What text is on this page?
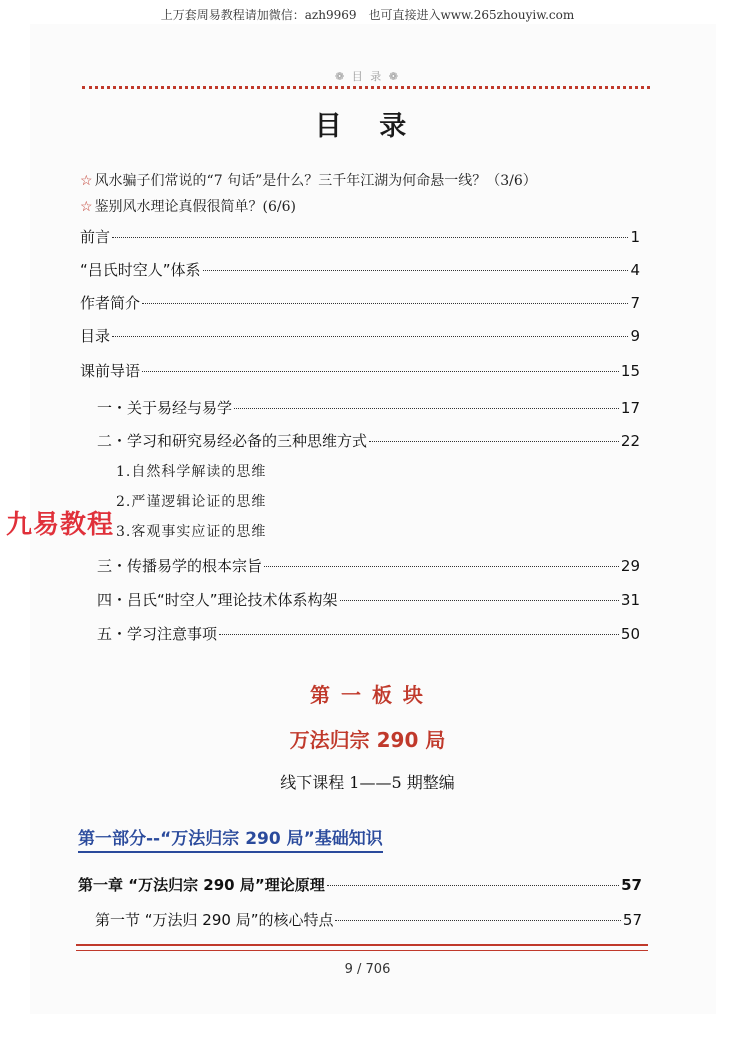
上万套周易教程请加微信：azh9969　也可直接进入www.265zhouyiw.com
❁ 目 录 ❁
目 录
☆ 风水骗子们常说的“7 句话”是什么？三千年江湖为何命悬一线？（3/6）
☆ 鉴别风水理论真假很简单？(6/6)
前言	1
“吕氏时空人”体系	4
作者简介	7
目录	9
课前导语	15
一・关于易经与易学	17
二・学习和研究易经必备的三种思维方式	22
1.自然科学解读的思维
2.严谨逻辑论证的思维
3.客观事实应证的思维
九易教程
三・传播易学的根本宗旨	29
四・吕氏“时空人”理论技术体系构架	31
五・学习注意事项	50
第 一 板 块
万法归宗 290 局
线下课程 1——5 期整编
第一部分--“万法归宗 290 局”基础知识
第一章 “万法归宗 290 局”理论原理	57
第一节 “万法归 290 局”的核心特点	57
9 / 706
